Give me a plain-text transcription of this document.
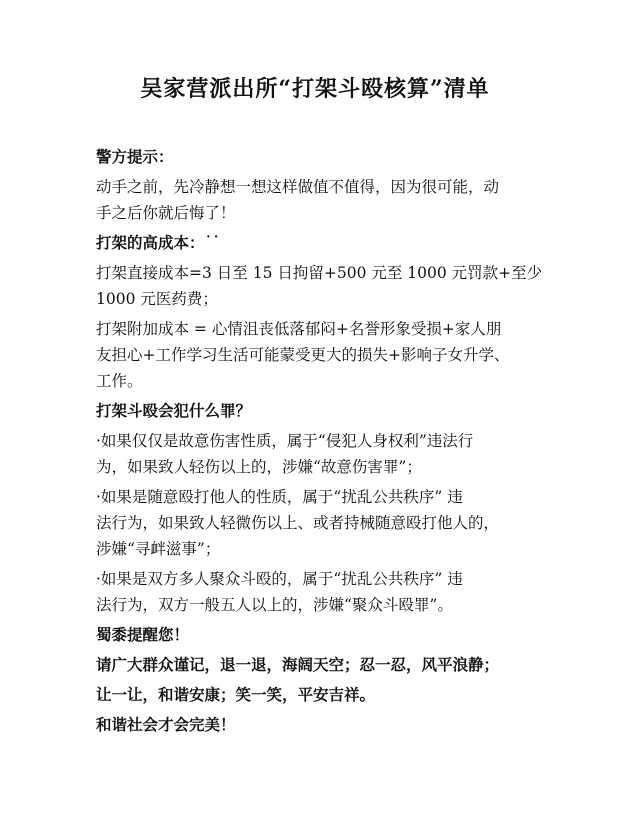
吴家营派出所“打架斗殴核算”清单
警方提示：
动手之前，先冷静想一想这样做值不值得，因为很可能，动
手之后你就后悔了！
打架的高成本：˙˙
打架直接成本=3 日至 15 日拘留+500 元至 1000 元罚款+至少
1000 元医药费；
打架附加成本 = 心情沮丧低落郁闷+名誉形象受损+家人朋
友担心+工作学习生活可能蒙受更大的损失+影响子女升学、
工作。
打架斗殴会犯什么罪？
·如果仅仅是故意伤害性质，属于“侵犯人身权利”违法行
为，如果致人轻伤以上的，涉嫌“故意伤害罪”；
·如果是随意殴打他人的性质，属于“扰乱公共秩序” 违
法行为，如果致人轻微伤以上、或者持械随意殴打他人的，
涉嫌“寻衅滋事”；
·如果是双方多人聚众斗殴的，属于“扰乱公共秩序” 违
法行为，双方一般五人以上的，涉嫌“聚众斗殴罪”。
蜀黍提醒您！
请广大群众谨记，退一退，海阔天空；忍一忍，风平浪静；
让一让，和谐安康；笑一笑，平安吉祥。
和谐社会才会完美！
